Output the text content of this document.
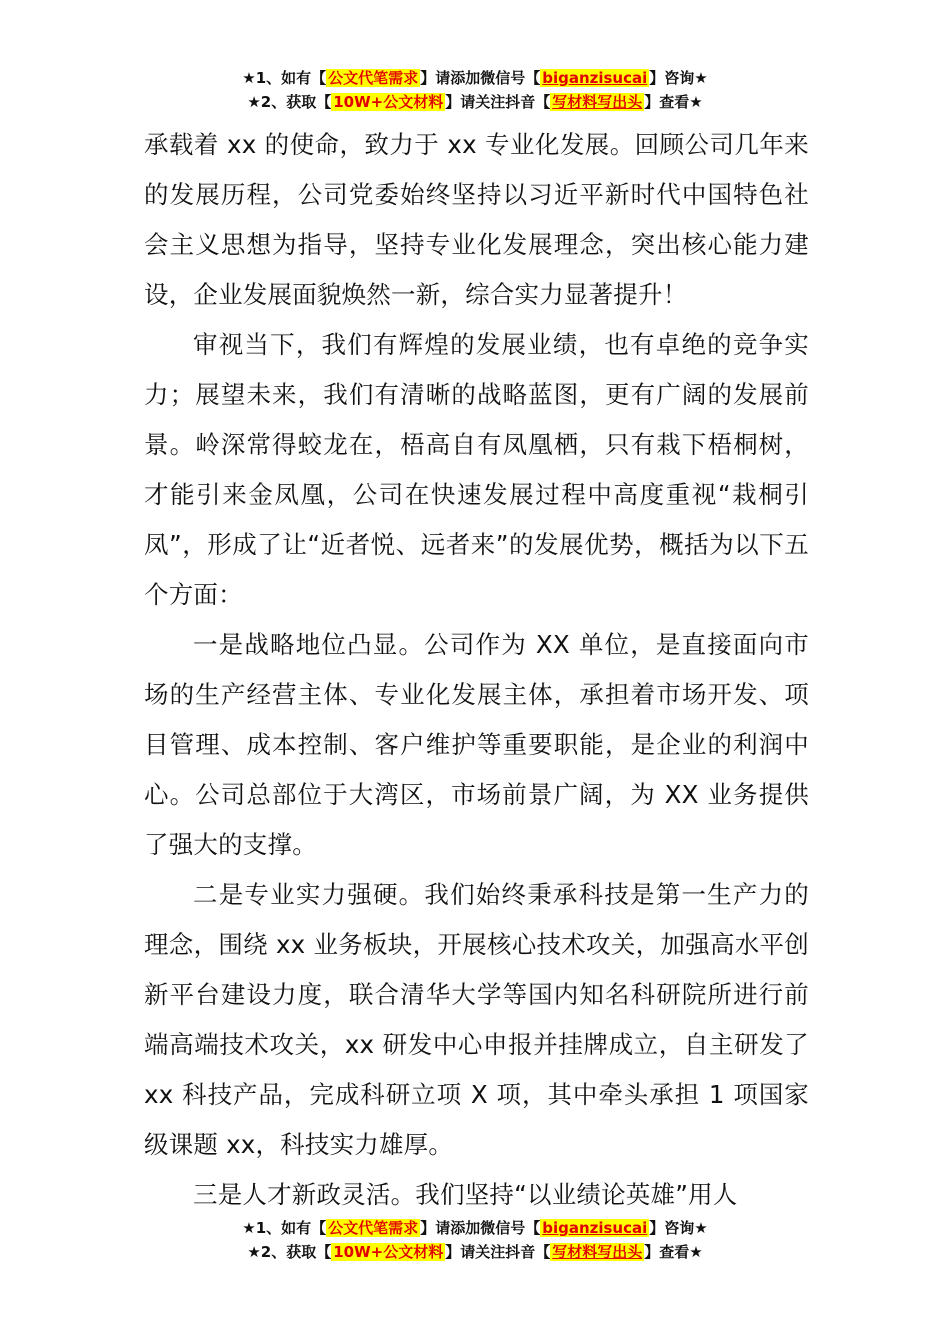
★1、如有【 公文代笔需求 】请添加微信号【 biganzisucai 】咨询★
★2、获取【 10W+公文材料 】请关注抖音【 写材料写出头 】查看★

承载着 xx 的使命，致力于 xx 专业化发展。回顾公司几年来的发展历程，公司党委始终坚持以习近平新时代中国特色社会主义思想为指导，坚持专业化发展理念，突出核心能力建设，企业发展面貌焕然一新，综合实力显著提升！

审视当下，我们有辉煌的发展业绩，也有卓绝的竞争实力；展望未来，我们有清晰的战略蓝图，更有广阔的发展前景。岭深常得蛟龙在，梧高自有凤凰栖，只有栽下梧桐树，才能引来金凤凰，公司在快速发展过程中高度重视“栽桐引凤”，形成了让“近者悦、远者来”的发展优势，概括为以下五个方面：

一是战略地位凸显。公司作为 XX 单位，是直接面向市场的生产经营主体、专业化发展主体，承担着市场开发、项目管理、成本控制、客户维护等重要职能，是企业的利润中心。公司总部位于大湾区，市场前景广阔，为 XX 业务提供了强大的支撑。

二是专业实力强硬。我们始终秉承科技是第一生产力的理念，围绕 xx 业务板块，开展核心技术攻关，加强高水平创新平台建设力度，联合清华大学等国内知名科研院所进行前端高端技术攻关，xx 研发中心申报并挂牌成立，自主研发了 xx 科技产品，完成科研立项 X 项，其中牵头承担 1 项国家级课题 xx，科技实力雄厚。

三是人才新政灵活。我们坚持“以业绩论英雄”用人

★1、如有【 公文代笔需求 】请添加微信号【 biganzisucai 】咨询★
★2、获取【 10W+公文材料 】请关注抖音【 写材料写出头 】查看★
